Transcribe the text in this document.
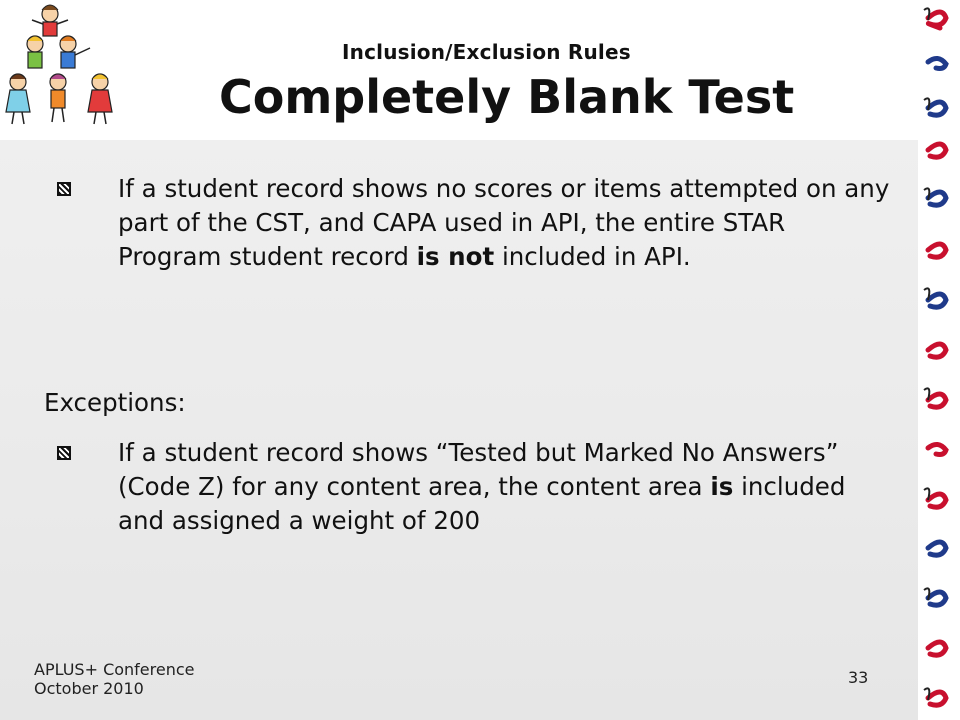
Inclusion/Exclusion Rules

Completely Blank Test
If a student record shows no scores or items attempted on any part of the CST, and CAPA used in API, the entire STAR Program student record is not included in API.
Exceptions:
If a student record shows “Tested but Marked No Answers” (Code Z) for any content area, the content area is included and assigned a weight of 200
APLUS+ Conference
October 2010
33
